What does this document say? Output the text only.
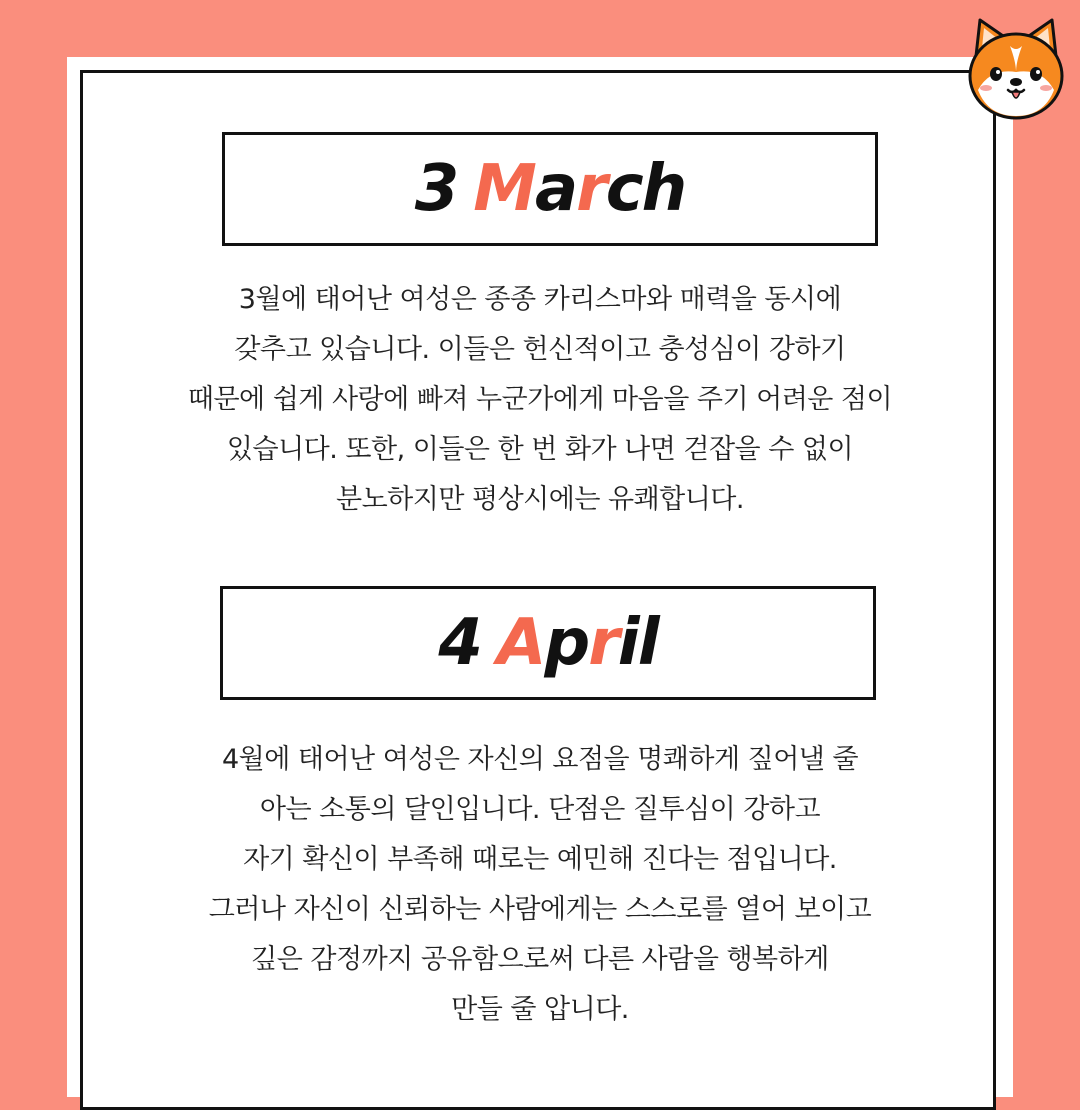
3 March
3월에 태어난 여성은 종종 카리스마와 매력을 동시에
갖추고 있습니다. 이들은 헌신적이고 충성심이 강하기
때문에 쉽게 사랑에 빠져 누군가에게 마음을 주기 어려운 점이
있습니다. 또한, 이들은 한 번 화가 나면 걷잡을 수 없이
분노하지만 평상시에는 유쾌합니다.
4 April
4월에 태어난 여성은 자신의 요점을 명쾌하게 짚어낼 줄
아는 소통의 달인입니다. 단점은 질투심이 강하고
자기 확신이 부족해 때로는 예민해 진다는 점입니다.
그러나 자신이 신뢰하는 사람에게는 스스로를 열어 보이고
깊은 감정까지 공유함으로써 다른 사람을 행복하게
만들 줄 압니다.
